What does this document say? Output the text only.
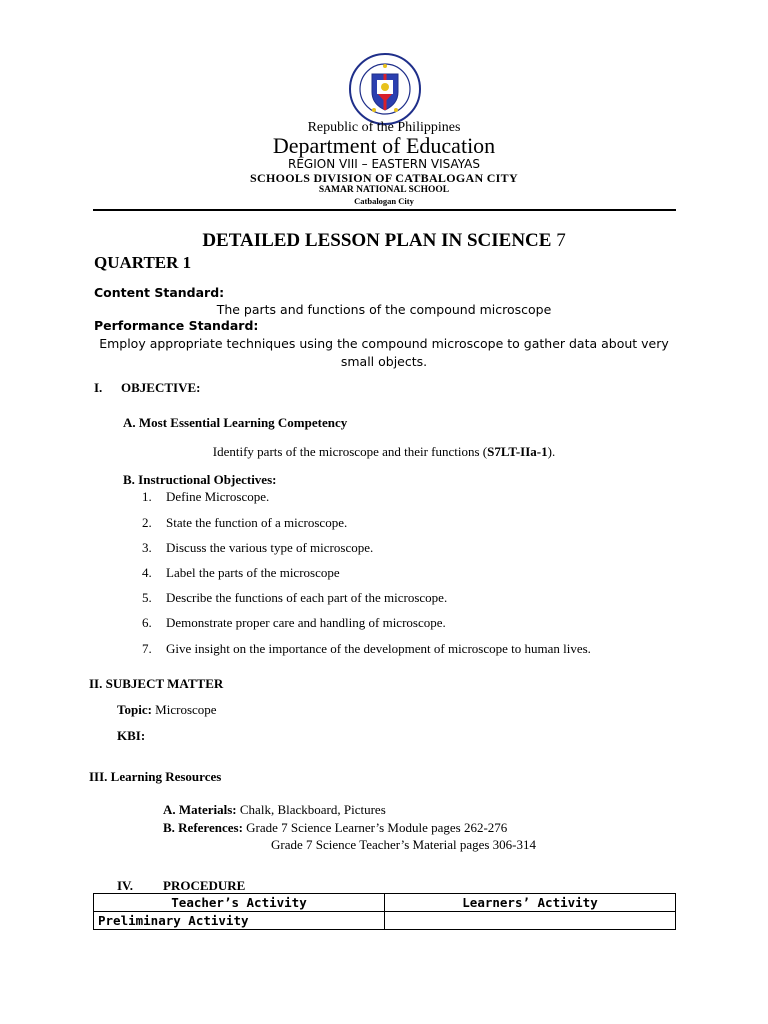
Republic of the Philippines
Department of Education
REGION VIII – EASTERN VISAYAS
SCHOOLS DIVISION OF CATBALOGAN CITY
SAMAR NATIONAL SCHOOL
Catbalogan City
DETAILED LESSON PLAN IN SCIENCE 7
QUARTER 1
Content Standard:
The parts and functions of the compound microscope
Performance Standard:
Employ appropriate techniques using the compound microscope to gather data about very
small objects.
I. OBJECTIVE:
A. Most Essential Learning Competency
Identify parts of the microscope and their functions (S7LT-IIa-1).
B. Instructional Objectives:
1. Define Microscope.
2. State the function of a microscope.
3. Discuss the various type of microscope.
4. Label the parts of the microscope
5. Describe the functions of each part of the microscope.
6. Demonstrate proper care and handling of microscope.
7. Give insight on the importance of the development of microscope to human lives.
II. SUBJECT MATTER
Topic: Microscope
KBI:
III. Learning Resources
A. Materials: Chalk, Blackboard, Pictures
B. References: Grade 7 Science Learner’s Module pages 262-276
Grade 7 Science Teacher’s Material pages 306-314
IV. PROCEDURE
Teacher’s Activity	Learners’ Activity
Preliminary Activity	
